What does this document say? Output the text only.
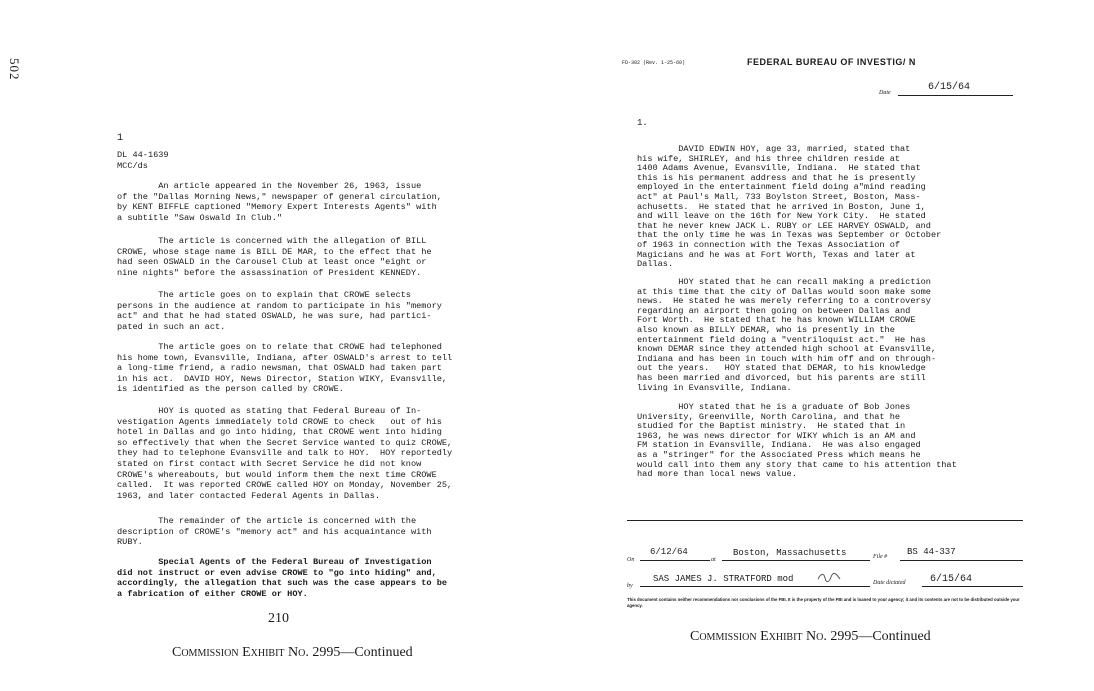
502
1
DL 44-1639
MCC/ds
An article appeared in the November 26, 1963, issue
of the "Dallas Morning News," newspaper of general circulation,
by KENT BIFFLE captioned "Memory Expert Interests Agents" with
a subtitle "Saw Oswald In Club."
The article is concerned with the allegation of BILL
CROWE, whose stage name is BILL DE MAR, to the effect that he
had seen OSWALD in the Carousel Club at least once "eight or
nine nights" before the assassination of President KENNEDY.
The article goes on to explain that CROWE selects
persons in the audience at random to participate in his "memory
act" and that he had stated OSWALD, he was sure, had partici-
pated in such an act.
The article goes on to relate that CROWE had telephoned
his home town, Evansville, Indiana, after OSWALD's arrest to tell
a long-time friend, a radio newsman, that OSWALD had taken part
in his act.  DAVID HOY, News Director, Station WIKY, Evansville,
is identified as the person called by CROWE.
HOY is quoted as stating that Federal Bureau of In-
vestigation Agents immediately told CROWE to check   out of his
hotel in Dallas and go into hiding, that CROWE went into hiding
so effectively that when the Secret Service wanted to quiz CROWE,
they had to telephone Evansville and talk to HOY.  HOY reportedly
stated on first contact with Secret Service he did not know
CROWE's whereabouts, but would inform them the next time CROWE
called.  It was reported CROWE called HOY on Monday, November 25,
1963, and later contacted Federal Agents in Dallas.
The remainder of the article is concerned with the
description of CROWE's "memory act" and his acquaintance with
RUBY.
Special Agents of the Federal Bureau of Investigation
did not instruct or even advise CROWE to "go into hiding" and,
accordingly, the allegation that such was the case appears to be
a fabrication of either CROWE or HOY.
210
Commission Exhibit No. 2995—Continued
FD-302 (Rev. 1-25-60)	FEDERAL BUREAU OF INVESTIG/ N
Date	6/15/64
1.
DAVID EDWIN HOY, age 33, married, stated that
his wife, SHIRLEY, and his three children reside at
1400 Adams Avenue, Evansville, Indiana.  He stated that
this is his permanent address and that he is presently
employed in the entertainment field doing a"mind reading
act" at Paul's Mall, 733 Boylston Street, Boston, Mass-
achusetts.  He stated that he arrived in Boston, June 1,
and will leave on the 16th for New York City.  He stated
that he never knew JACK L. RUBY or LEE HARVEY OSWALD, and
that the only time he was in Texas was September or October
of 1963 in connection with the Texas Association of
Magicians and he was at Fort Worth, Texas and later at
Dallas.
HOY stated that he can recall making a prediction
at this time that the city of Dallas would soon make some
news.  He stated he was merely referring to a controversy
regarding an airport then going on between Dallas and
Fort Worth.  He stated that he has known WILLIAM CROWE
also known as BILLY DEMAR, who is presently in the
entertainment field doing a "ventriloquist act."  He has
known DEMAR since they attended high school at Evansville,
Indiana and has been in touch with him off and on through-
out the years.   HOY stated that DEMAR, to his knowledge
has been married and divorced, but his parents are still
living in Evansville, Indiana.
HOY stated that he is a graduate of Bob Jones
University, Greenville, North Carolina, and that he
studied for the Baptist ministry.  He stated that in
1963, he was news director for WIKY which is an AM and
FM station in Evansville, Indiana.  He was also engaged
as a "stringer" for the Associated Press which means he
would call into them any story that came to his attention that
had more than local news value.
On
6/12/64
at
Boston, Massachusetts	File # BS 44-337
by
SAS JAMES J. STRATFORD mod	Date dictated 6/15/64
This document contains neither recommendations nor conclusions of the FBI. It is the property of the FBI and is loaned to your agency; it and its contents are not to be distributed outside your agency.
Commission Exhibit No. 2995—Continued
